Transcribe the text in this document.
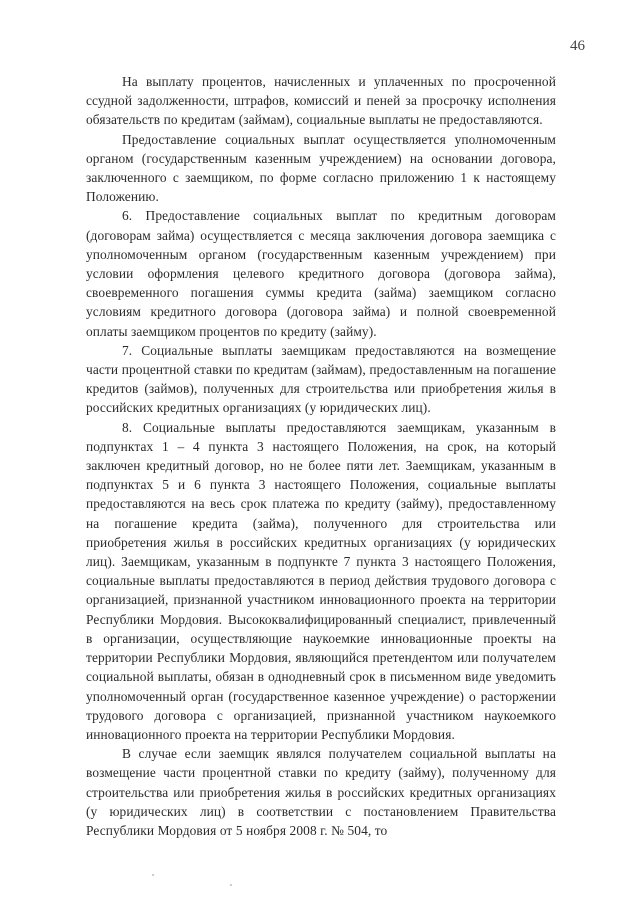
46

На выплату процентов, начисленных и уплаченных по просроченной ссудной задолженности, штрафов, комиссий и пеней за просрочку исполнения обязательств по кредитам (займам), социальные выплаты не предоставляются.

Предоставление социальных выплат осуществляется уполномоченным органом (государственным казенным учреждением) на основании договора, заключенного с заемщиком, по форме согласно приложению 1 к настоящему Положению.

6. Предоставление социальных выплат по кредитным договорам (договорам займа) осуществляется с месяца заключения договора заемщика с уполномоченным органом (государственным казенным учреждением) при условии оформления целевого кредитного договора (договора займа), своевременного погашения суммы кредита (займа) заемщиком согласно условиям кредитного договора (договора займа) и полной своевременной оплаты заемщиком процентов по кредиту (займу).

7. Социальные выплаты заемщикам предоставляются на возмещение части процентной ставки по кредитам (займам), предоставленным на погашение кредитов (займов), полученных для строительства или приобретения жилья в российских кредитных организациях (у юридических лиц).

8. Социальные выплаты предоставляются заемщикам, указанным в подпунктах 1 – 4 пункта 3 настоящего Положения, на срок, на который заключен кредитный договор, но не более пяти лет. Заемщикам, указанным в подпунктах 5 и 6 пункта 3 настоящего Положения, социальные выплаты предоставляются на весь срок платежа по кредиту (займу), предоставленному на погашение кредита (займа), полученного для строительства или приобретения жилья в российских кредитных организациях (у юридических лиц). Заемщикам, указанным в подпункте 7 пункта 3 настоящего Положения, социальные выплаты предоставляются в период действия трудового договора с организацией, признанной участником инновационного проекта на территории Республики Мордовия. Высококвалифицированный специалист, привлеченный в организации, осуществляющие наукоемкие инновационные проекты на территории Республики Мордовия, являющийся претендентом или получателем социальной выплаты, обязан в однодневный срок в письменном виде уведомить уполномоченный орган (государственное казенное учреждение) о расторжении трудового договора с организацией, признанной участником наукоемкого инновационного проекта на территории Республики Мордовия.

В случае если заемщик являлся получателем социальной выплаты на возмещение части процентной ставки по кредиту (займу), полученному для строительства или приобретения жилья в российских кредитных организациях (у юридических лиц) в соответствии с постановлением Правительства Республики Мордовия от 5 ноября 2008 г. № 504, то
